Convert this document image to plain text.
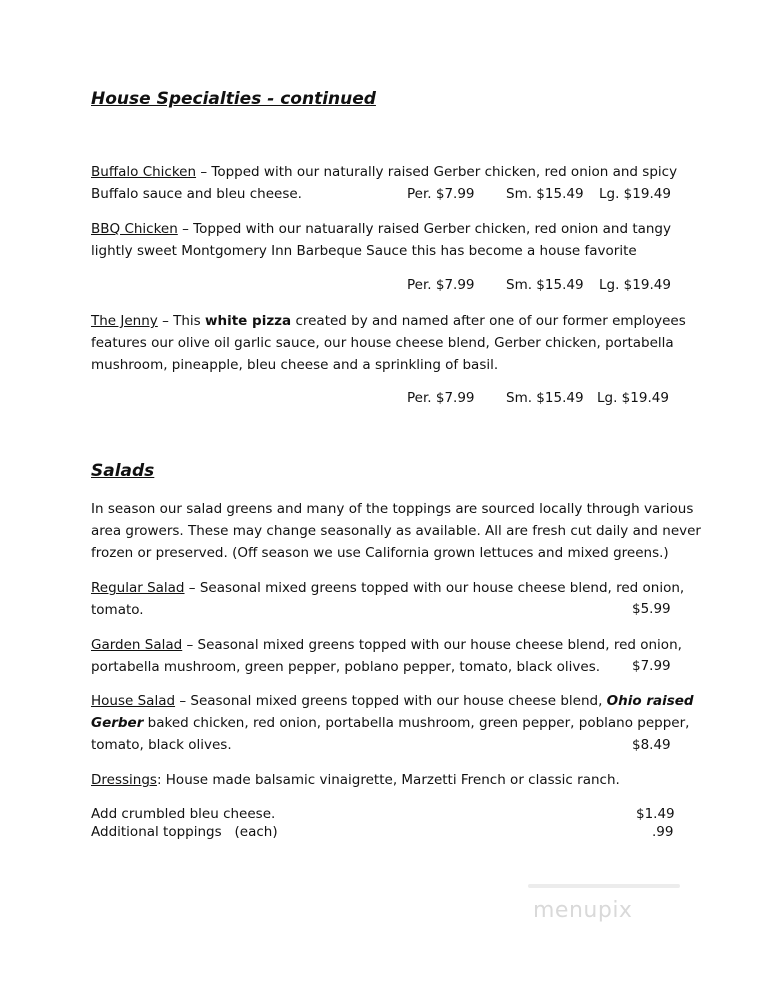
House Specialties - continued
Buffalo Chicken – Topped with our naturally raised Gerber chicken, red onion and spicy
Buffalo sauce and bleu cheese.	Per. $7.99 Sm. $15.49 Lg. $19.49
BBQ Chicken – Topped with our natuarally raised Gerber chicken, red onion and tangy
lightly sweet Montgomery Inn Barbeque Sauce this has become a house favorite
Per. $7.99 Sm. $15.49 Lg. $19.49
The Jenny – This white pizza created by and named after one of our former employees
features our olive oil garlic sauce, our house cheese blend, Gerber chicken, portabella
mushroom, pineapple, bleu cheese and a sprinkling of basil.
Per. $7.99 Sm. $15.49 Lg. $19.49
Salads
In season our salad greens and many of the toppings are sourced locally through various
area growers. These may change seasonally as available. All are fresh cut daily and never
frozen or preserved. (Off season we use California grown lettuces and mixed greens.)
Regular Salad – Seasonal mixed greens topped with our house cheese blend, red onion,
tomato.	$5.99
Garden Salad – Seasonal mixed greens topped with our house cheese blend, red onion,
portabella mushroom, green pepper, poblano pepper, tomato, black olives. $7.99
House Salad – Seasonal mixed greens topped with our house cheese blend, Ohio raised
Gerber baked chicken, red onion, portabella mushroom, green pepper, poblano pepper,
tomato, black olives.	$8.49
Dressings: House made balsamic vinaigrette, Marzetti French or classic ranch.
Add crumbled bleu cheese.	$1.49
Additional toppings   (each)	.99
menupix
